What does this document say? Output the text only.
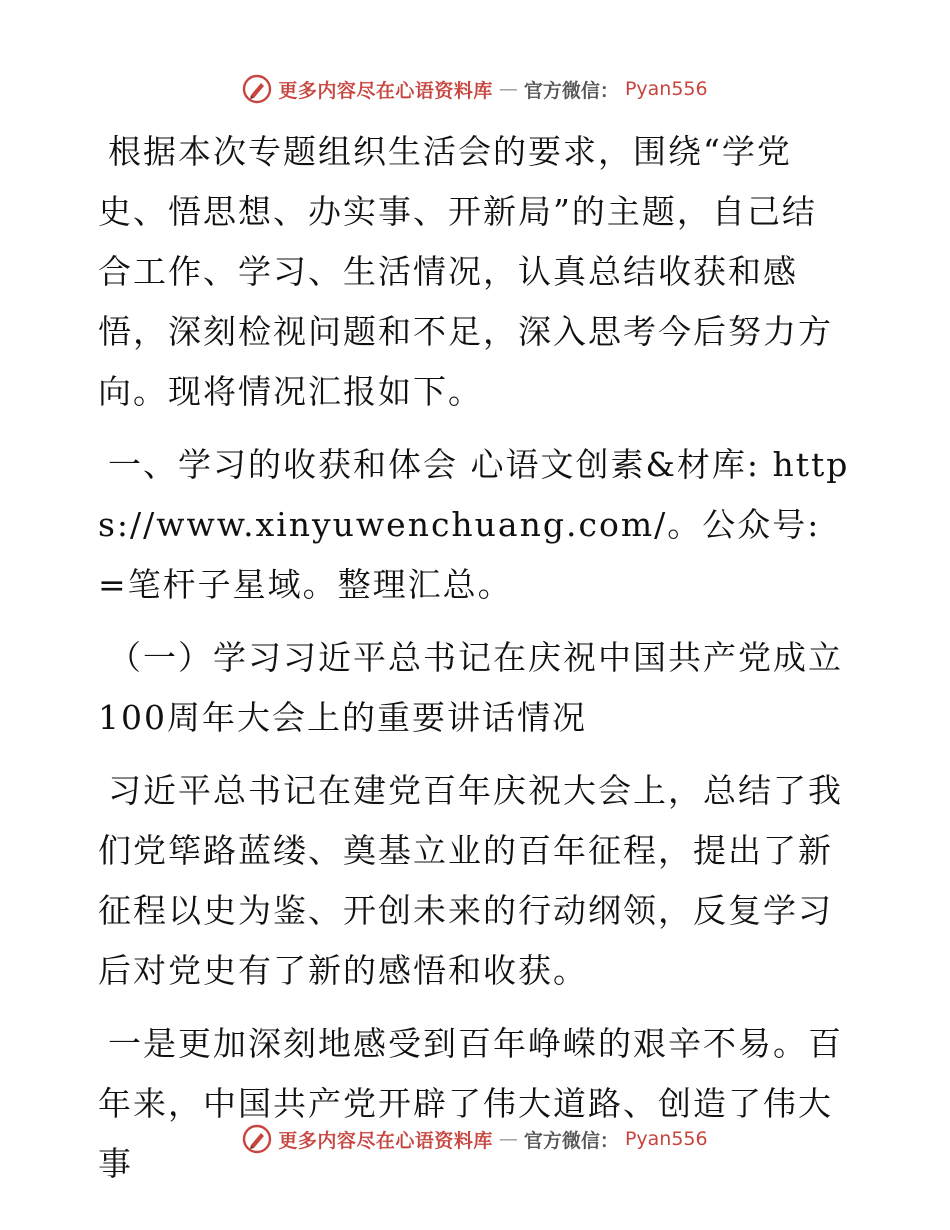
更多内容尽在心语资料库 — 官方微信： Pyan556

根据本次专题组织生活会的要求，围绕“学党史、悟思想、办实事、开新局”的主题，自己结合工作、学习、生活情况，认真总结收获和感悟，深刻检视问题和不足，深入思考今后努力方向。现将情况汇报如下。

一、学习的收获和体会 心语文创素&材库: https://www.xinyuwenchuang.com/。公众号: =笔杆子星域。整理汇总。

（一）学习习近平总书记在庆祝中国共产党成立100周年大会上的重要讲话情况

习近平总书记在建党百年庆祝大会上，总结了我们党筚路蓝缕、奠基立业的百年征程，提出了新征程以史为鉴、开创未来的行动纲领，反复学习后对党史有了新的感悟和收获。

一是更加深刻地感受到百年峥嵘的艰辛不易。百年来，中国共产党开辟了伟大道路、创造了伟大事

更多内容尽在心语资料库 — 官方微信： Pyan556
